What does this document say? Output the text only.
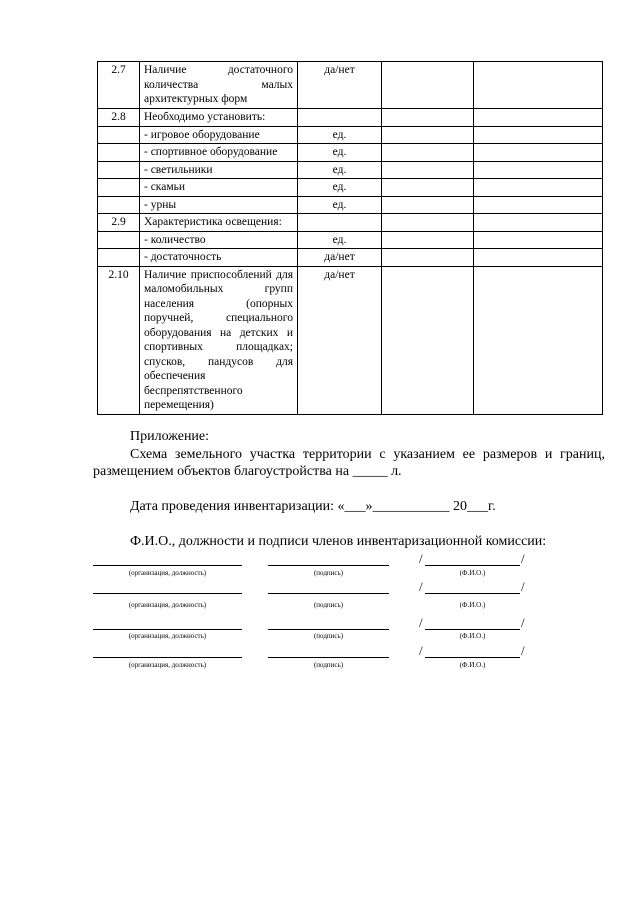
2.7	Наличие достаточного количества малых архитектурных форм	да/нет		
2.8	Необходимо установить:			
	- игровое оборудование	ед.		
	- спортивное оборудование	ед.		
	- светильники	ед.		
	- скамьи	ед.		
	- урны	ед.		
2.9	Характеристика освещения:			
	- количество	ед.		
	- достаточность	да/нет		
2.10	Наличие приспособлений для маломобильных групп населения (опорных поручней, специального оборудования на детских и спортивных площадках; спусков, пандусов для обеспечения беспрепятственного перемещения)	да/нет		
Приложение:
Схема земельного участка территории с указанием ее размеров и границ, размещением объектов благоустройства на _____ л.
Дата проведения инвентаризации: «___»___________ 20___г.
Ф.И.О., должности и подписи членов инвентаризационной комиссии:
(организация, должность)	(подпись)
/	/
(Ф.И.О.)
(организация, должность)	(подпись)
/	/
(Ф.И.О.)
(организация, должность)	(подпись)
/	/
(Ф.И.О.)
(организация, должность)	(подпись)
/	/
(Ф.И.О.)
